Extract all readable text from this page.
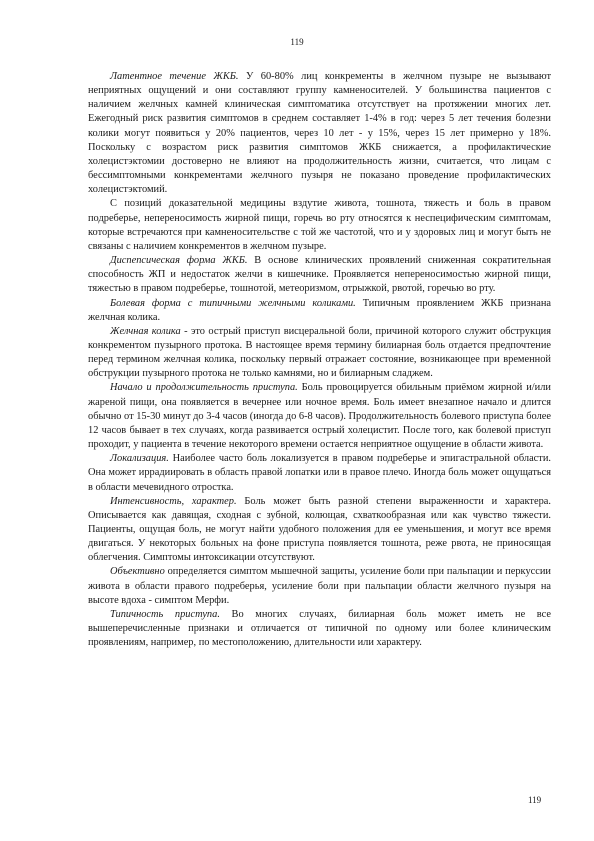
119

Латентное течение ЖКБ. У 60-80% лиц конкременты в желчном пузыре не вызывают неприятных ощущений и они составляют группу камненосителей. У большинства пациентов с наличием желчных камней клиническая симптоматика отсутствует на протяжении многих лет. Ежегодный риск развития симптомов в среднем составляет 1-4% в год: через 5 лет течения болезни колики могут появиться у 20% пациентов, через 10 лет - у 15%, через 15 лет примерно у 18%. Поскольку с возрастом риск развития симптомов ЖКБ снижается, а профилактические холецистэктомии достоверно не влияют на продолжительность жизни, считается, что лицам с бессимптомными конкрементами желчного пузыря не показано проведение профилактических холецистэктомий.

С позиций доказательной медицины вздутие живота, тошнота, тяжесть и боль в правом подреберье, непереносимость жирной пищи, горечь во рту относятся к неспецифическим симптомам, которые встречаются при камненосительстве с той же частотой, что и у здоровых лиц и могут быть не связаны с наличием конкрементов в желчном пузыре.

Диспепсическая форма ЖКБ. В основе клинических проявлений сниженная сократительная способность ЖП и недостаток желчи в кишечнике. Проявляется непереносимостью жирной пищи, тяжестью в правом подреберье, тошнотой, метеоризмом, отрыжкой, рвотой, горечью во рту.

Болевая форма с типичными желчными коликами. Типичным проявлением ЖКБ признана желчная колика.

Желчная колика - это острый приступ висцеральной боли, причиной которого служит обструкция конкрементом пузырного протока. В настоящее время термину билиарная боль отдается предпочтение перед термином желчная колика, поскольку первый отражает состояние, возникающее при временной обструкции пузырного протока не только камнями, но и билиарным сладжем.

Начало и продолжительность приступа. Боль провоцируется обильным приёмом жирной и/или жареной пищи, она появляется в вечернее или ночное время. Боль имеет внезапное начало и длится обычно от 15-30 минут до 3-4 часов (иногда до 6-8 часов). Продолжительность болевого приступа более 12 часов бывает в тех случаях, когда развивается острый холецистит. После того, как болевой приступ проходит, у пациента в течение некоторого времени остается неприятное ощущение в области живота.

Локализация. Наиболее часто боль локализуется в правом подреберье и эпигастральной области. Она может иррадиировать в область правой лопатки или в правое плечо. Иногда боль может ощущаться в области мечевидного отростка.

Интенсивность, характер. Боль может быть разной степени выраженности и характера. Описывается как давящая, сходная с зубной, колющая, схваткообразная или как чувство тяжести. Пациенты, ощущая боль, не могут найти удобного положения для ее уменьшения, и могут все время двигаться. У некоторых больных на фоне приступа появляется тошнота, реже рвота, не приносящая облегчения. Симптомы интоксикации отсутствуют.

Объективно определяется симптом мышечной защиты, усиление боли при пальпации и перкуссии живота в области правого подреберья, усиление боли при пальпации области желчного пузыря на высоте вдоха - симптом Мерфи.

Типичность приступа. Во многих случаях, билиарная боль может иметь не все вышеперечисленные признаки и отличается от типичной по одному или более клиническим проявлениям, например, по местоположению, длительности или характеру.

119
